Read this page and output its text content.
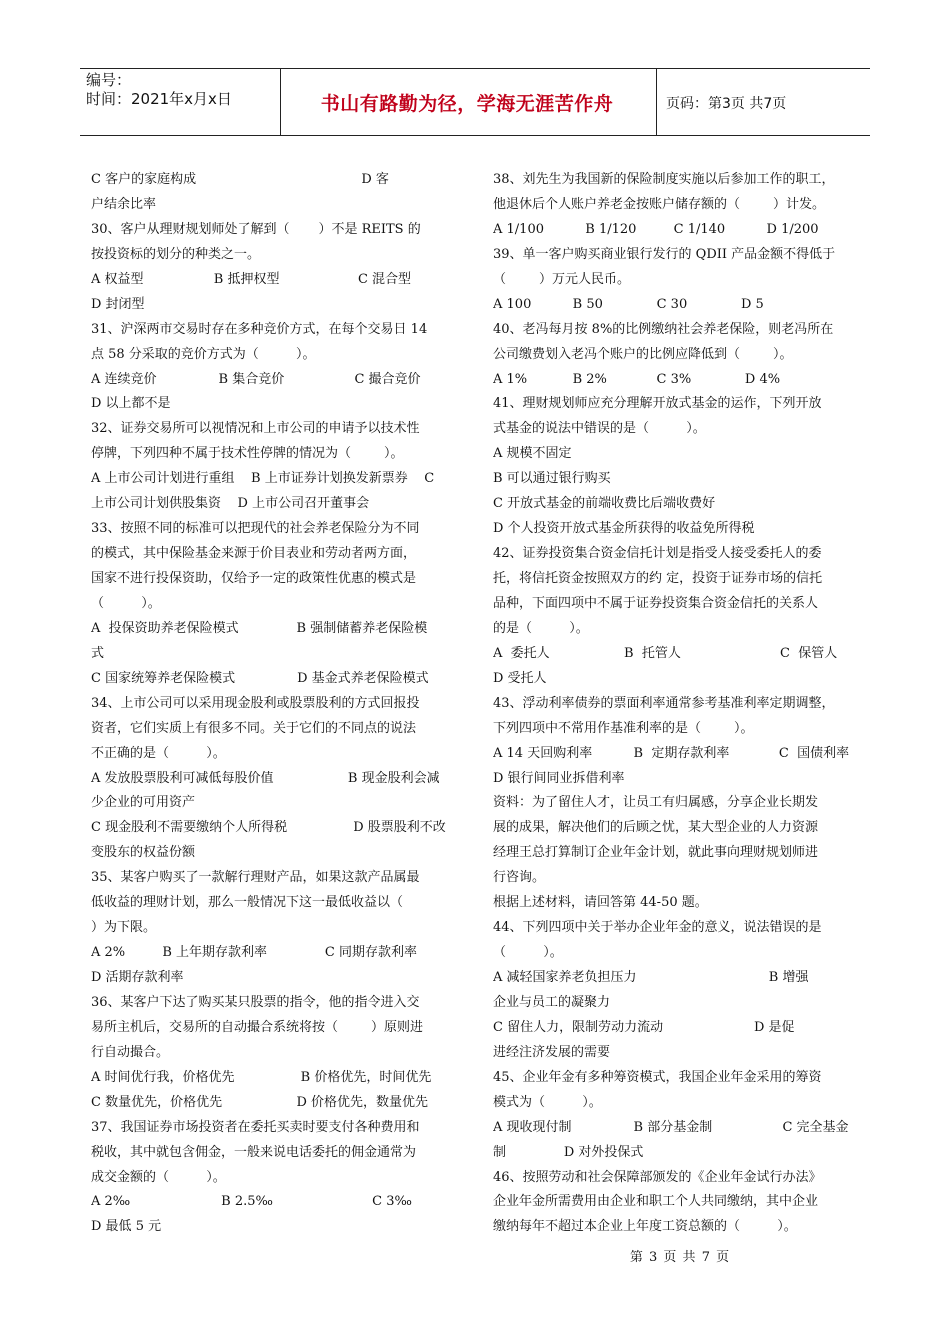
编号：
时间：2021年x月x日	书山有路勤为径，学海无涯苦作舟	页码：第3页 共7页
C 客户的家庭构成                                        D 客
户结余比率
30、客户从理财规划师处了解到（       ）不是 REITS 的
按投资标的划分的种类之一。
A 权益型                 B 抵押权型                   C 混合型
D 封闭型
31、沪深两市交易时存在多种竞价方式，在每个交易日 14
点 58 分采取的竞价方式为（         ）。
A 连续竞价               B 集合竞价                 C 撮合竞价
D 以上都不是
32、证券交易所可以视情况和上市公司的申请予以技术性
停牌，下列四种不属于技术性停牌的情况为（        ）。
A 上市公司计划进行重组    B 上市证券计划换发新票券    C
上市公司计划供股集资    D 上市公司召开董事会
33、按照不同的标准可以把现代的社会养老保险分为不同
的模式，其中保险基金来源于价目表业和劳动者两方面，
国家不进行投保资助，仅给予一定的政策性优惠的模式是
（         ）。
A  投保资助养老保险模式              B 强制储蓄养老保险模
式
C 国家统筹养老保险模式               D 基金式养老保险模式
34、上市公司可以采用现金股利或股票股利的方式回报投
资者，它们实质上有很多不同。关于它们的不同点的说法
不正确的是（         ）。
A 发放股票股利可减低每股价值                  B 现金股利会减
少企业的可用资产
C 现金股利不需要缴纳个人所得税                D 股票股利不改
变股东的权益份额
35、某客户购买了一款解行理财产品，如果这款产品属最
低收益的理财计划，那么一般情况下这一最低收益以（
）为下限。
A 2%         B 上年期存款利率              C 同期存款利率
D 活期存款利率
36、某客户下达了购买某只股票的指令，他的指令进入交
易所主机后，交易所的自动撮合系统将按（        ）原则进
行自动撮合。
A 时间优行我，价格优先                B 价格优先，时间优先
C 数量优先，价格优先                  D 价格优先，数量优先
37、我国证券市场投资者在委托买卖时要支付各种费用和
税收，其中就包含佣金，一般来说电话委托的佣金通常为
成交金额的（         ）。
A 2‰                      B 2.5‰                        C 3‰
D 最低 5 元
38、刘先生为我国新的保险制度实施以后参加工作的职工，
他退休后个人账户养老金按账户储存额的（        ）计发。
A 1/100          B 1/120         C 1/140          D 1/200
39、单一客户购买商业银行发行的 QDII 产品金额不得低于
（        ）万元人民币。
A 100          B 50             C 30             D 5
40、老冯每月按 8%的比例缴纳社会养老保险，则老冯所在
公司缴费划入老冯个账户的比例应降低到（        ）。
A 1%           B 2%            C 3%             D 4%
41、理财规划师应充分理解开放式基金的运作，下列开放
式基金的说法中错误的是（         ）。
A 规模不固定
B 可以通过银行购买
C 开放式基金的前端收费比后端收费好
D 个人投资开放式基金所获得的收益免所得税
42、证券投资集合资金信托计划是指受人接受委托人的委
托，将信托资金按照双方的约 定，投资于证券市场的信托
品种，下面四项中不属于证券投资集合资金信托的关系人
的是（         ）。
A  委托人                  B  托管人                        C  保管人
D 受托人
43、浮动利率债券的票面利率通常参考基准利率定期调整，
下列四项中不常用作基准利率的是（        ）。
A 14 天回购利率          B  定期存款利率            C  国债利率
D 银行间同业拆借利率
资料：为了留住人才，让员工有归属感，分享企业长期发
展的成果，解决他们的后顾之忧，某大型企业的人力资源
经理王总打算制订企业年金计划，就此事向理财规划师进
行咨询。
根据上述材料，请回答第 44-50 题。
44、下列四项中关于举办企业年金的意义，说法错误的是
（         ）。
A 减轻国家养老负担压力                                B 增强
企业与员工的凝聚力
C 留住人力，限制劳动力流动                      D 是促
进经注济发展的需要
45、企业年金有多种筹资模式，我国企业年金采用的筹资
模式为（         ）。
A 现收现付制               B 部分基金制                 C 完全基金
制              D 对外投保式
46、按照劳动和社会保障部颁发的《企业年金试行办法》
企业年金所需费用由企业和职工个人共同缴纳，其中企业
缴纳每年不超过本企业上年度工资总额的（         ）。
第 3 页 共 7 页
